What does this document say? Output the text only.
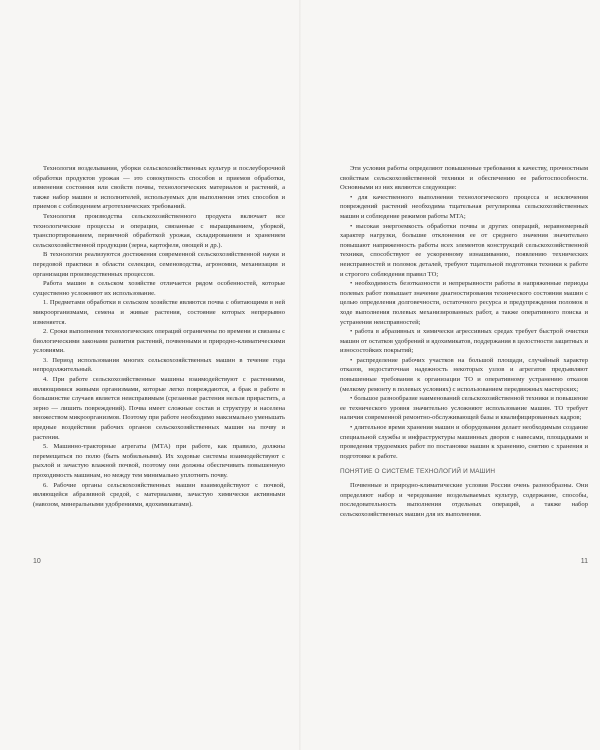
Технология возделывания, уборки сельскохозяйственных культур и послеуборочной обработки продуктов урожая — это совокупность способов и приемов обработки, изменения состояния или свойств почвы, технологических материалов и растений, а также набор машин и исполнителей, используемых для выполнения этих способов и приемов с соблюдением агротехнических требований.

Технология производства сельскохозяйственного продукта включает все технологические процессы и операции, связанные с выращиванием, уборкой, транспортированием, первичной обработкой урожая, складированием и хранением сельскохозяйственной продукции (зерна, картофеля, овощей и др.).

В технологии реализуются достижения современной сельскохозяйственной науки и передовой практики в области селекции, семеноводства, агрономии, механизации и организации производственных процессов.

Работа машин в сельском хозяйстве отличается рядом особенностей, которые существенно усложняют их использование.

1. Предметами обработки в сельском хозяйстве являются почва с обитающими в ней микроорганизмами, семена и живые растения, состояние которых непрерывно изменяется.

2. Сроки выполнения технологических операций ограничены по времени и связаны с биологическими законами развития растений, почвенными и природно-климатическими условиями.

3. Период использования многих сельскохозяйственных машин в течение года непродолжительный.

4. При работе сельскохозяйственные машины взаимодействуют с растениями, являющимися живыми организмами, которые легко повреждаются, а брак в работе в большинстве случаев является неисправимым (срезанные растения нельзя прирастить, а зерно — лишить повреждений). Почва имеет сложные состав и структуру и населена множеством микроорганизмов. Поэтому при работе необходимо максимально уменьшать вредные воздействия рабочих органов сельскохозяйственных машин на почву и растения.

5. Машинно-тракторные агрегаты (МТА) при работе, как правило, должны перемещаться по полю (быть мобильными). Их ходовые системы взаимодействуют с рыхлой и зачастую влажной почвой, поэтому они должны обеспечивать повышенную проходимость машинам, но между тем минимально уплотнять почву.

6. Рабочие органы сельскохозяйственных машин взаимодействуют с почвой, являющейся абразивной средой, с материалами, зачастую химически активными (навозом, минеральными удобрениями, ядохимикатами).

10

Эти условия работы определяют повышенные требования к качеству, прочностным свойствам сельскохозяйственной техники и обеспечению ее работоспособности. Основными из них являются следующие:

• для качественного выполнения технологического процесса и исключения повреждений растений необходима тщательная регулировка сельскохозяйственных машин и соблюдение режимов работы МТА;

• высокая энергоемкость обработки почвы и других операций, неравномерный характер нагрузки, большие отклонения ее от среднего значения значительно повышают напряженность работы всех элементов конструкций сельскохозяйственной техники, способствуют ее ускоренному изнашиванию, появлению технических неисправностей и поломок деталей, требуют тщательной подготовки техники к работе и строгого соблюдения правил ТО;

• необходимость безотказности и непрерывности работы в напряженные периоды полевых работ повышает значение диагностирования технического состояния машин с целью определения долговечности, остаточного ресурса и предупреждения поломок в ходе выполнения полевых механизированных работ, а также оперативного поиска и устранения неисправностей;

• работа в абразивных и химически агрессивных средах требует быстрой очистки машин от остатков удобрений и ядохимикатов, поддержания в целостности защитных и износостойких покрытий;

• распределение рабочих участков на большой площади, случайный характер отказов, недостаточная надежность некоторых узлов и агрегатов предъявляют повышенные требования к организации ТО и оперативному устранению отказов (мелкому ремонту в полевых условиях) с использованием передвижных мастерских;

• большое разнообразие наименований сельскохозяйственной техники и повышение ее технического уровня значительно усложняют использование машин. ТО требует наличия современной ремонтно-обслуживающей базы и квалифицированных кадров;

• длительное время хранения машин и оборудования делает необходимым создание специальной службы и инфраструктуры машинных дворов с навесами, площадками и проведения трудоемких работ по постановке машин к хранению, снятию с хранения и подготовке к работе.

ПОНЯТИЕ О СИСТЕМЕ ТЕХНОЛОГИЙ И МАШИН

Почвенные и природно-климатические условия России очень разнообразны. Они определяют набор и чередование возделываемых культур, содержание, способы, последовательность выполнения отдельных операций, а также набор сельскохозяйственных машин для их выполнения.

11
